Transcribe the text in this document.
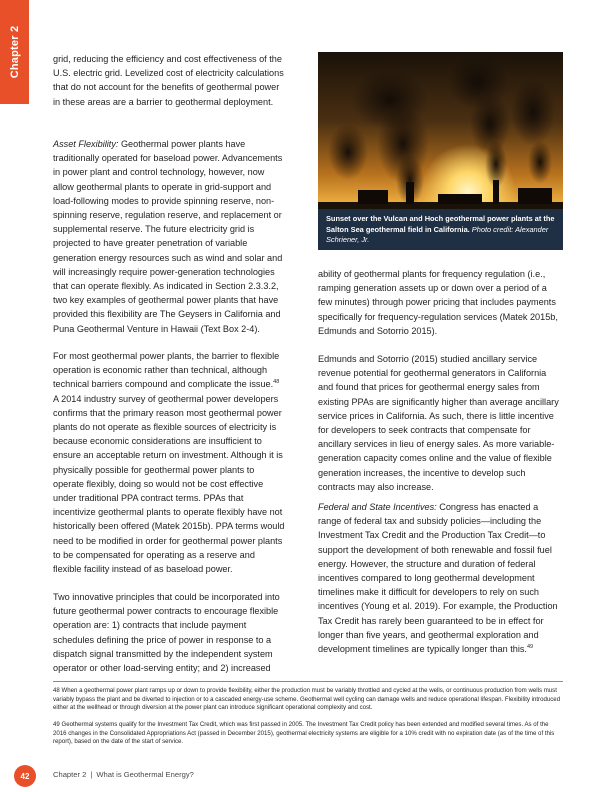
Chapter 2	grid, reducing the efficiency and cost effectiveness of the U.S. electric grid. Levelized cost of electricity calculations that do not account for the benefits of geothermal power in these areas are a barrier to geothermal deployment.

Asset Flexibility: Geothermal power plants have traditionally operated for baseload power. Advancements in power plant and control technology, however, now allow geothermal plants to operate in grid-support and load-following modes to provide spinning reserve, non-spinning reserve, regulation reserve, and replacement or supplemental reserve. The future electricity grid is projected to have greater penetration of variable generation energy resources such as wind and solar and will increasingly require power-generation technologies that can operate flexibly. As indicated in Section 2.3.3.2, two key examples of geothermal power plants that have provided this flexibility are The Geysers in California and Puna Geothermal Venture in Hawaii (Text Box 2-4).

For most geothermal power plants, the barrier to flexible operation is economic rather than technical, although technical barriers compound and complicate the issue.$^{48}$ A 2014 industry survey of geothermal power developers confirms that the primary reason most geothermal power plants do not operate as flexible sources of electricity is because economic considerations are insufficient to ensure an acceptable return on investment. Although it is physically possible for geothermal power plants to operate flexibly, doing so would not be cost effective under traditional PPA contract terms. PPAs that incentivize geothermal plants to operate flexibly have not historically been offered (Matek 2015b). PPA terms would need to be modified in order for geothermal power plants to be compensated for operating as a reserve and flexible facility instead of as baseload power.

Two innovative principles that could be incorporated into future geothermal power contracts to encourage flexible operation are: 1) contracts that include payment schedules defining the price of power in response to a dispatch signal transmitted by the independent system operator or other load-serving entity; and 2) increased

Sunset over the Vulcan and Hoch geothermal power plants at the Salton Sea geothermal field in California. Photo credit: Alexander Schriener, Jr.

ability of geothermal plants for frequency regulation (i.e., ramping generation assets up or down over a period of a few minutes) through power pricing that includes payments specifically for frequency-regulation services (Matek 2015b, Edmunds and Sotorrio 2015).

Edmunds and Sotorrio (2015) studied ancillary service revenue potential for geothermal generators in California and found that prices for geothermal energy sales from existing PPAs are significantly higher than average ancillary service prices in California. As such, there is little incentive for developers to seek contracts that compensate for ancillary services in lieu of energy sales. As more variable-generation capacity comes online and the value of flexible generation increases, the incentive to develop such contracts may also increase.

Federal and State Incentives: Congress has enacted a range of federal tax and subsidy policies—including the Investment Tax Credit and the Production Tax Credit—to support the development of both renewable and fossil fuel energy. However, the structure and duration of federal incentives compared to long geothermal development timelines make it difficult for developers to rely on such incentives (Young et al. 2019). For example, the Production Tax Credit has rarely been guaranteed to be in effect for longer than five years, and geothermal exploration and development timelines are typically longer than this.$^{49}$

48 When a geothermal power plant ramps up or down to provide flexibility, either the production must be variably throttled and cycled at the wells, or continuous production from wells must variably bypass the plant and be diverted to injection or to a cascaded energy-use scheme. Geothermal well cycling can damage wells and reduce operational lifespan. Flexibility introduced either at the wellhead or through diversion at the power plant can introduce significant operational complexity and cost.

49 Geothermal systems qualify for the Investment Tax Credit, which was first passed in 2005. The Investment Tax Credit policy has been extended and modified several times. As of the 2016 changes in the Consolidated Appropriations Act (passed in December 2015), geothermal electricity systems are eligible for a 10% credit with no expiration date (as of the time of this report), based on the date of the start of service.

42	Chapter 2 | What is Geothermal Energy?
